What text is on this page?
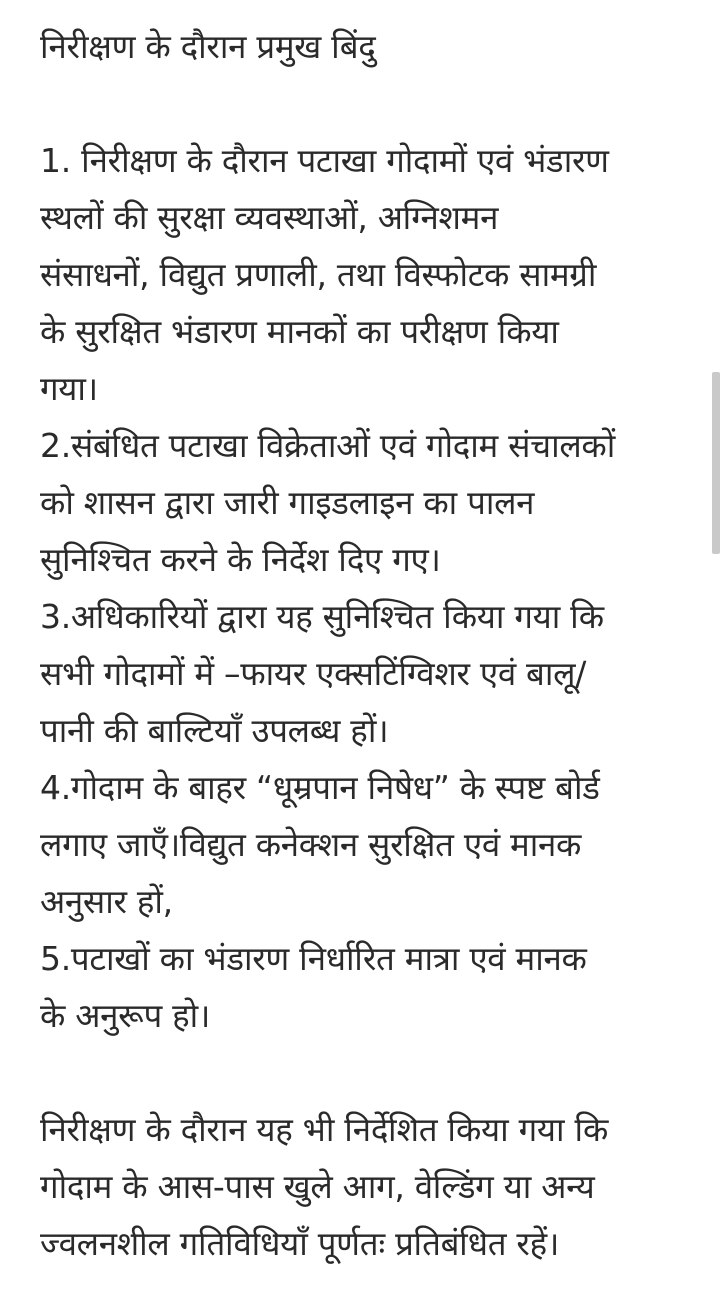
निरीक्षण के दौरान प्रमुख बिंदु
1. निरीक्षण के दौरान पटाखा गोदामों एवं भंडारण
स्थलों की सुरक्षा व्यवस्थाओं, अग्निशमन
संसाधनों, विद्युत प्रणाली, तथा विस्फोटक सामग्री
के सुरक्षित भंडारण मानकों का परीक्षण किया
गया।
2.संबंधित पटाखा विक्रेताओं एवं गोदाम संचालकों
को शासन द्वारा जारी गाइडलाइन का पालन
सुनिश्चित करने के निर्देश दिए गए।
3.अधिकारियों द्वारा यह सुनिश्चित किया गया कि
सभी गोदामों में –फायर एक्सटिंग्विशर एवं बालू/
पानी की बाल्टियाँ उपलब्ध हों।
4.गोदाम के बाहर “धूम्रपान निषेध” के स्पष्ट बोर्ड
लगाए जाएँ।विद्युत कनेक्शन सुरक्षित एवं मानक
अनुसार हों,
5.पटाखों का भंडारण निर्धारित मात्रा एवं मानक
के अनुरूप हो।
निरीक्षण के दौरान यह भी निर्देशित किया गया कि
गोदाम के आस-पास खुले आग, वेल्डिंग या अन्य
ज्वलनशील गतिविधियाँ पूर्णतः प्रतिबंधित रहें।
